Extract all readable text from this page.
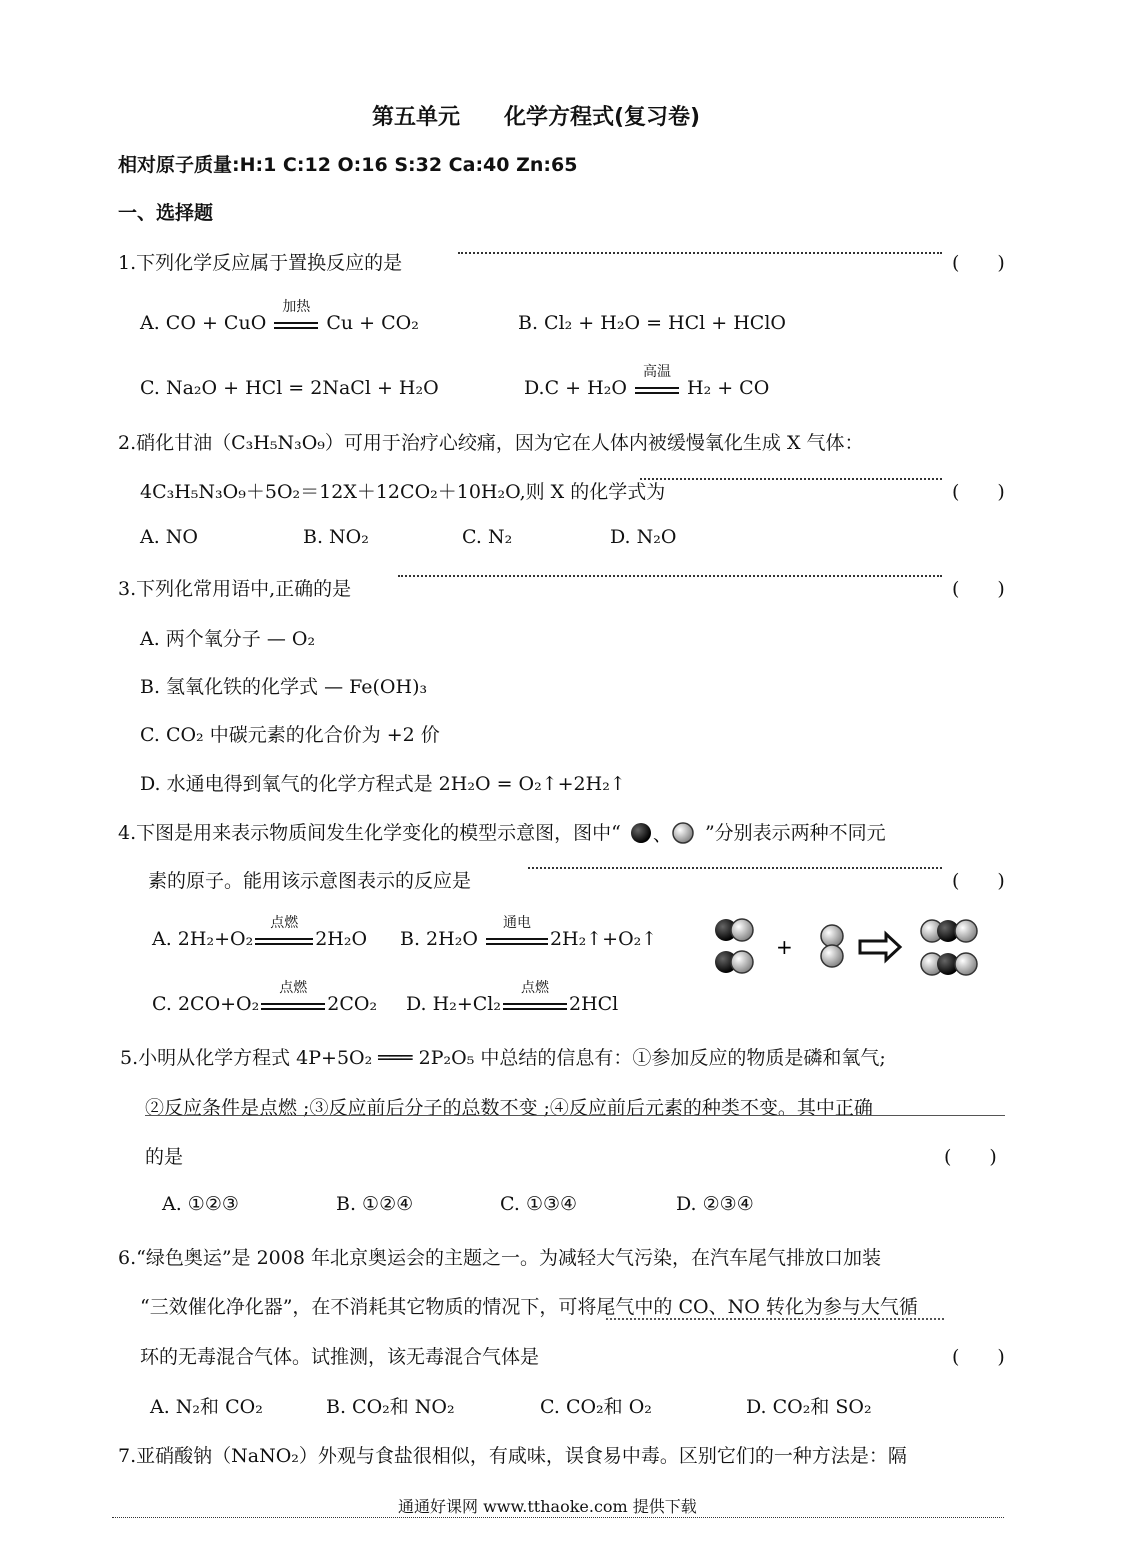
第五单元　　化学方程式(复习卷)
相对原子质量:H:1 C:12 O:16 S:32 Ca:40 Zn:65
一、选择题
1.下列化学反应属于置换反应的是	(　　)
A. CO + CuO
加热
Cu + CO₂	B. Cl₂ + H₂O = HCl + HClO
C. Na₂O + HCl = 2NaCl + H₂O	D.C + H₂O
高温
H₂ + CO
2.硝化甘油（C₃H₅N₃O₉）可用于治疗心绞痛，因为它在人体内被缓慢氧化生成 X 气体：
4C₃H₅N₃O₉＋5O₂＝12X＋12CO₂＋10H₂O,则 X 的化学式为	(　　)
A. NO	B. NO₂	C. N₂	D. N₂O
3.下列化常用语中,正确的是	(　　)
A. 两个氧分子 — O₂
B. 氢氧化铁的化学式 — Fe(OH)₃
C. CO₂ 中碳元素的化合价为 +2 价
D. 水通电得到氧气的化学方程式是 2H₂O = O₂↑+2H₂↑
4.下图是用来表示物质间发生化学变化的模型示意图，图中“ 、 ”分别表示两种不同元
素的原子。能用该示意图表示的反应是	(　　)
A. 2H₂+O₂
点燃
2H₂O B. 2H₂O
通电
2H₂↑+O₂↑	+
C. 2CO+O₂
点燃
2CO₂ D. H₂+Cl₂
点燃
2HCl
5.小明从化学方程式 4P+5O₂ ═══ 2P₂O₅ 中总结的信息有：①参加反应的物质是磷和氧气;
②反应条件是点燃 ;③反应前后分子的总数不变 ;④反应前后元素的种类不变。其中正确
的是	(　　)
A. ①②③	B. ①②④	C. ①③④	D. ②③④
6.“绿色奥运”是 2008 年北京奥运会的主题之一。为减轻大气污染，在汽车尾气排放口加装
“三效催化净化器”，在不消耗其它物质的情况下，可将尾气中的 CO、NO 转化为参与大气循
环的无毒混合气体。试推测，该无毒混合气体是	(　　)
A. N₂和 CO₂	B. CO₂和 NO₂	C. CO₂和 O₂	D. CO₂和 SO₂
7.亚硝酸钠（NaNO₂）外观与食盐很相似，有咸味，误食易中毒。区别它们的一种方法是：隔
通通好课网 www.tthaoke.com 提供下载
